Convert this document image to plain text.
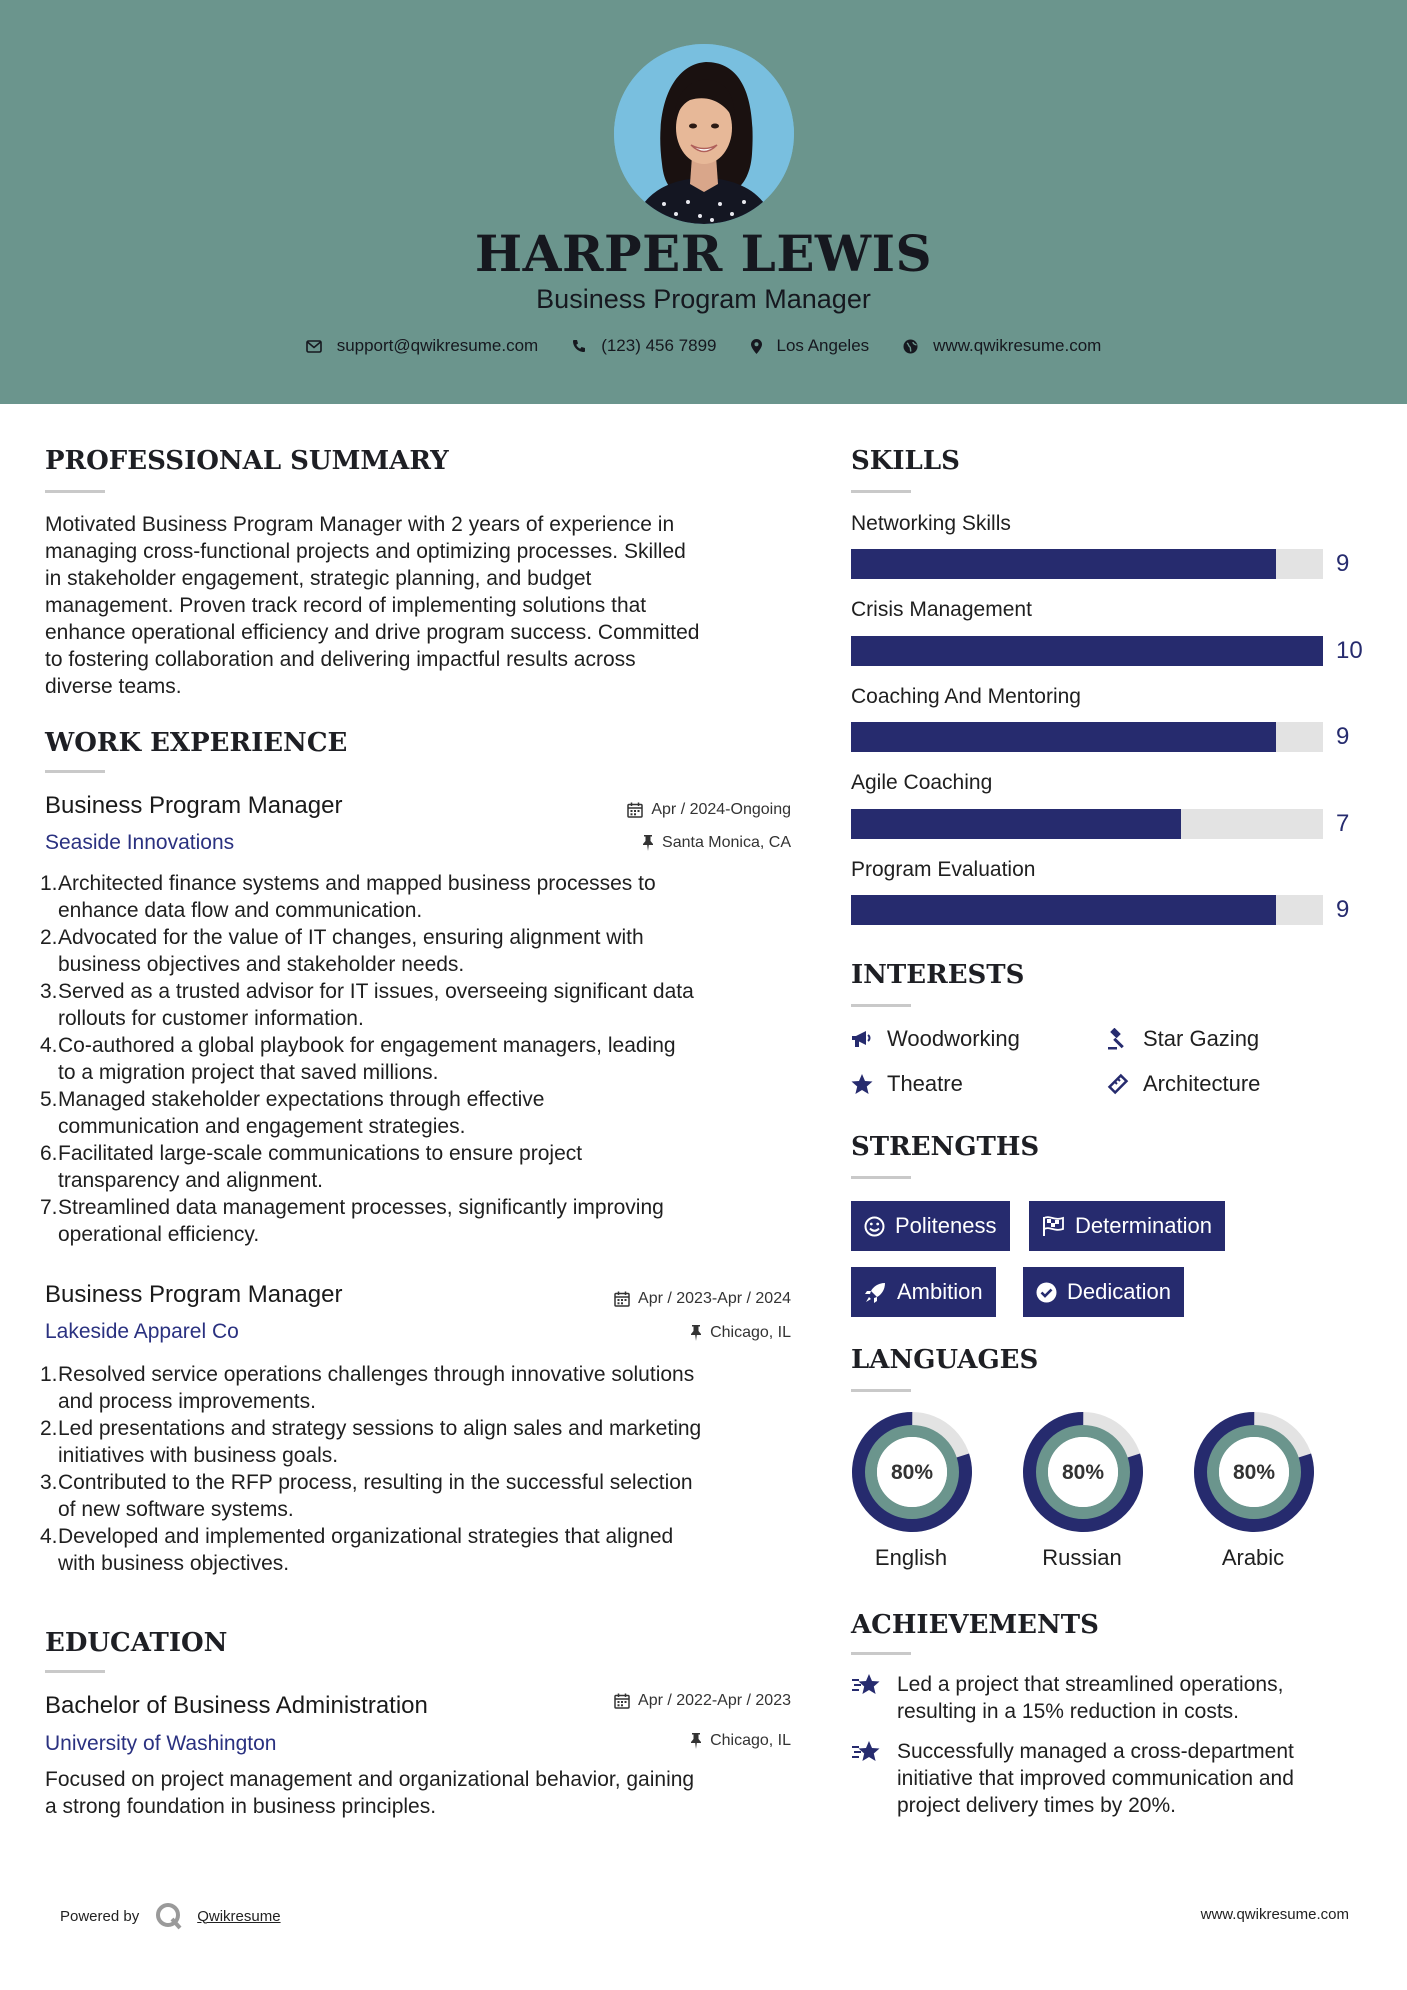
HARPER LEWIS
Business Program Manager
support@qwikresume.com	(123) 456 7899	Los Angeles	www.qwikresume.com
PROFESSIONAL SUMMARY
Motivated Business Program Manager with 2 years of experience in
managing cross-functional projects and optimizing processes. Skilled
in stakeholder engagement, strategic planning, and budget
management. Proven track record of implementing solutions that
enhance operational efficiency and drive program success. Committed
to fostering collaboration and delivering impactful results across
diverse teams.
WORK EXPERIENCE
Business Program Manager	Apr / 2024-Ongoing
Seaside Innovations	Santa Monica, CA
1. Architected finance systems and mapped business processes to
enhance data flow and communication.
2. Advocated for the value of IT changes, ensuring alignment with
business objectives and stakeholder needs.
3. Served as a trusted advisor for IT issues, overseeing significant data
rollouts for customer information.
4. Co-authored a global playbook for engagement managers, leading
to a migration project that saved millions.
5. Managed stakeholder expectations through effective
communication and engagement strategies.
6. Facilitated large-scale communications to ensure project
transparency and alignment.
7. Streamlined data management processes, significantly improving
operational efficiency.
Business Program Manager	Apr / 2023-Apr / 2024
Lakeside Apparel Co	Chicago, IL
1. Resolved service operations challenges through innovative solutions
and process improvements.
2. Led presentations and strategy sessions to align sales and marketing
initiatives with business goals.
3. Contributed to the RFP process, resulting in the successful selection
of new software systems.
4. Developed and implemented organizational strategies that aligned
with business objectives.
EDUCATION
Bachelor of Business Administration	Apr / 2022-Apr / 2023
University of Washington	Chicago, IL
Focused on project management and organizational behavior, gaining
a strong foundation in business principles.
SKILLS
Networking Skills
9
Crisis Management
10
Coaching And Mentoring
9
Agile Coaching
7
Program Evaluation
9
INTERESTS
Woodworking	Star Gazing
Theatre	Architecture
STRENGTHS
Politeness	Determination
Ambition	Dedication
LANGUAGES
80%
English
80%
Russian
80%
Arabic
ACHIEVEMENTS
Led a project that streamlined operations,
resulting in a 15% reduction in costs.
Successfully managed a cross-department
initiative that improved communication and
project delivery times by 20%.
Powered by	Qwikresume	www.qwikresume.com
